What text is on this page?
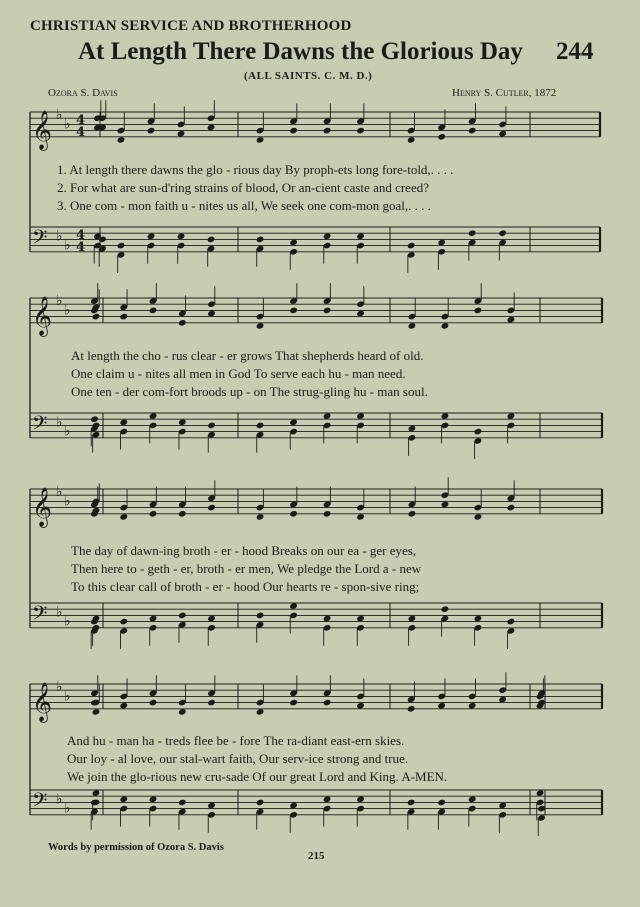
CHRISTIAN SERVICE AND BROTHERHOOD
At Length There Dawns the Glorious Day 244
(ALL SAINTS. C. M. D.)
Ozora S. Davis	Henry S. Cutler, 1872
𝄞 ♭
♭ 4
4
𝄢 ♭
♭
4
4
𝄞 ♭
♭
𝄢 ♭
♭
𝄞 ♭
♭
𝄢 ♭
♭
𝄞 ♭
♭
𝄢 ♭
♭
1. At length there dawns the glo - rious day By proph-ets long fore-told,. . . .
2. For what are sun-d'ring strains of blood, Or an-cient caste and creed?
3. One com - mon faith u - nites us all, We seek one com-mon goal,. . . .
At length the cho - rus clear - er grows That shepherds heard of old.
One claim u - nites all men in God To serve each hu - man need.
One ten - der com-fort broods up - on The strug-gling hu - man soul.
The day of dawn-ing broth - er - hood Breaks on our ea - ger eyes,
Then here to - geth - er, broth - er men, We pledge the Lord a - new
To this clear call of broth - er - hood Our hearts re - spon-sive ring;
And hu - man ha - treds flee be - fore The ra-diant east-ern skies.
Our loy - al love, our stal-wart faith, Our serv-ice strong and true.
We join the glo-rious new cru-sade Of our great Lord and King. A-MEN.
Words by permission of Ozora S. Davis
215
